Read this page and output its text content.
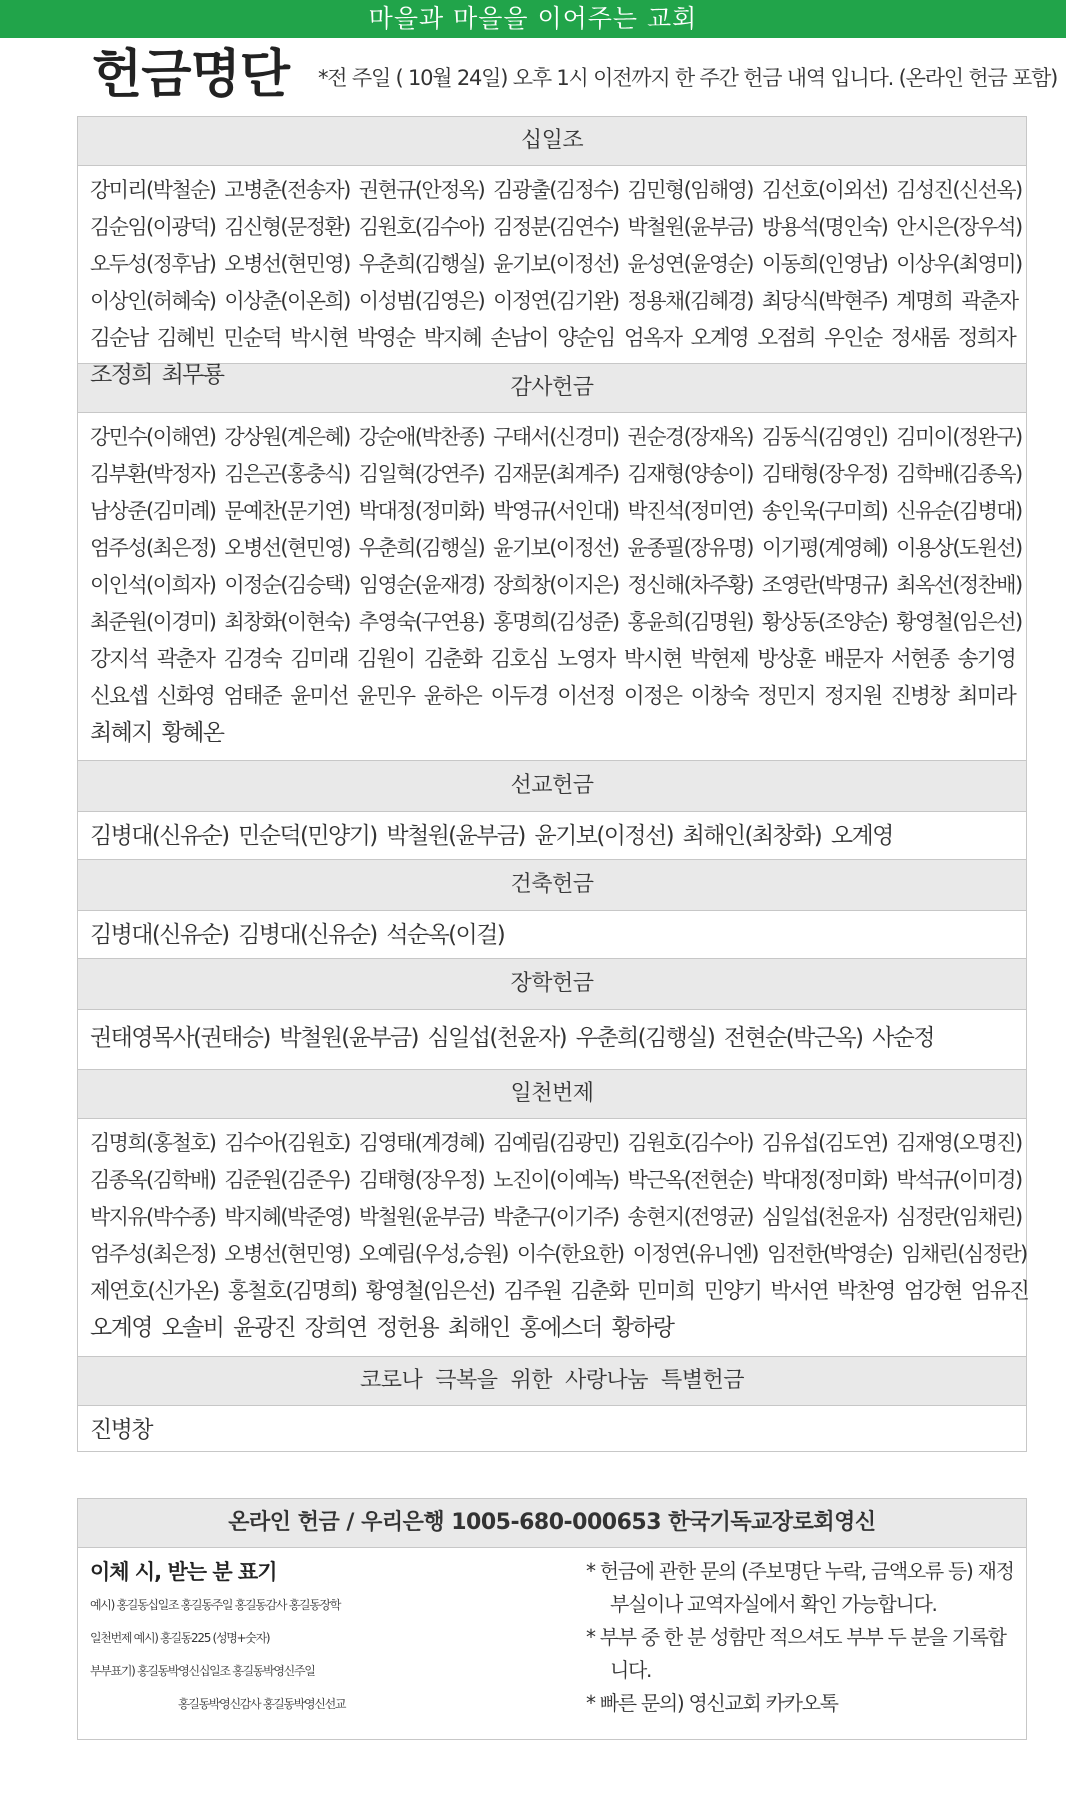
마을과 마을을 이어주는 교회
헌금명단 *전 주일 ( 10월 24일) 오후 1시 이전까지 한 주간 헌금 내역 입니다. (온라인 헌금 포함)
십일조
강미리(박철순) 고병춘(전송자) 권현규(안정옥) 김광출(김정수) 김민형(임해영) 김선호(이외선) 김성진(신선옥)
김순임(이광덕) 김신형(문정환) 김원호(김수아) 김정분(김연수) 박철원(윤부금) 방용석(명인숙) 안시은(장우석)
오두성(정후남) 오병선(현민영) 우춘희(김행실) 윤기보(이정선) 윤성연(윤영순) 이동희(인영남) 이상우(최영미)
이상인(허혜숙) 이상춘(이온희) 이성범(김영은) 이정연(김기완) 정용채(김혜경) 최당식(박현주) 계명희 곽춘자
김순남 김혜빈 민순덕 박시현 박영순 박지혜 손남이 양순임 엄옥자 오계영 오점희 우인순 정새롬 정희자
조정희 최무룡	감사헌금
강민수(이해연) 강상원(계은혜) 강순애(박찬종) 구태서(신경미) 권순경(장재옥) 김동식(김영인) 김미이(정완구)
김부환(박정자) 김은곤(홍충식) 김일혁(강연주) 김재문(최계주) 김재형(양송이) 김태형(장우정) 김학배(김종옥)
남상준(김미례) 문예찬(문기연) 박대정(정미화) 박영규(서인대) 박진석(정미연) 송인욱(구미희) 신유순(김병대)
엄주성(최은정) 오병선(현민영) 우춘희(김행실) 윤기보(이정선) 윤종필(장유명) 이기평(계영혜) 이용상(도원선)
이인석(이희자) 이정순(김승택) 임영순(윤재경) 장희창(이지은) 정신해(차주황) 조영란(박명규) 최옥선(정찬배)
최준원(이경미) 최창화(이현숙) 추영숙(구연용) 홍명희(김성준) 홍윤희(김명원) 황상동(조양순) 황영철(임은선)
강지석 곽춘자 김경숙 김미래 김원이 김춘화 김호심 노영자 박시현 박현제 방상훈 배문자 서현종 송기영
신요셉 신화영 엄태준 윤미선 윤민우 윤하은 이두경 이선정 이정은 이창숙 정민지 정지원 진병창 최미라
최혜지 황혜온
선교헌금
김병대(신유순) 민순덕(민양기) 박철원(윤부금) 윤기보(이정선) 최해인(최창화) 오계영
건축헌금
김병대(신유순) 김병대(신유순) 석순옥(이걸)
장학헌금
권태영목사(권태승) 박철원(윤부금) 심일섭(천윤자) 우춘희(김행실) 전현순(박근옥) 사순정
일천번제
김명희(홍철호) 김수아(김원호) 김영태(계경혜) 김예림(김광민) 김원호(김수아) 김유섭(김도연) 김재영(오명진)
김종옥(김학배) 김준원(김준우) 김태형(장우정) 노진이(이예녹) 박근옥(전현순) 박대정(정미화) 박석규(이미경)
박지유(박수종) 박지혜(박준영) 박철원(윤부금) 박춘구(이기주) 송현지(전영균) 심일섭(천윤자) 심정란(임채린)
엄주성(최은정) 오병선(현민영) 오예림(우성,승원) 이수(한요한) 이정연(유니엔) 임전한(박영순) 임채린(심정란)
제연호(신가온) 홍철호(김명희) 황영철(임은선) 김주원 김춘화 민미희 민양기 박서연 박찬영 엄강현 엄유진
오계영 오솔비 윤광진 장희연 정헌용 최해인 홍에스더 황하랑
코로나  극복을  위한  사랑나눔  특별헌금
진병창
온라인 헌금 / 우리은행 1005-680-000653 한국기독교장로회영신
이체 시, 받는 분 표기
예시) 홍길동십일조 홍길동주일 홍길동감사 홍길동장학
일천번제 예시) 홍길동225 (성명+숫자)
부부표기) 홍길동박영신십일조 홍길동박영신주일
홍길동박영신감사 홍길동박영신선교
* 헌금에 관한 문의 (주보명단 누락, 금액오류 등) 재정부실이나 교역자실에서 확인 가능합니다.
* 부부 중 한 분 성함만 적으셔도 부부 두 분을 기록합니다.
* 빠른 문의) 영신교회 카카오톡
